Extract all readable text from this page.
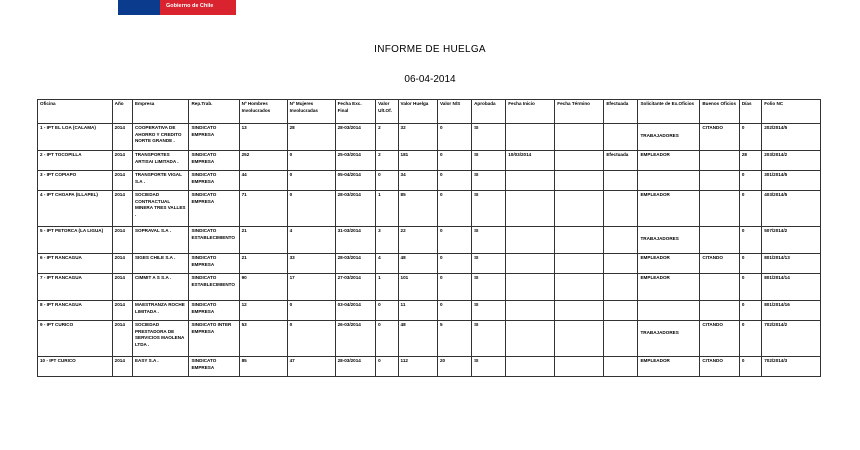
Gobierno de Chile
INFORME DE HUELGA
06-04-2014
Oficina	Año	Empresa	Rep.Trab.	Nº Hombres Involucrados	Nº Mujeres Involucradas	Fecha Exc. Final	Valor Ult.Of.	Valor Huelga	Valor N/S	Aprobada	Fecha Inicio	Fecha Término	Efectuada	Solicitante de Ex.Oficios	Buenos Oficios	Días	Folio NC
1 - IPT EL LOA (CALAMA)	2014	COOPERATIVA DE AHORRO Y CREDITO NORTE GRANDE .	SINDICATO EMPRESA	13	28	28-03/2014	2	32	0	SI				TRABAJADORES	CITANDO	0	202/2014/5
2 - IPT TOCOPILLA	2014	TRANSPORTES ARTISAI LIMITADA .	SINDICATO EMPRESA	252	0	25-03/2014	2	181	0	SI	10/03/2014		Efectuada	EMPLEADOR		28	203/2014/2
3 - IPT COPIAPO	2014	TRANSPORTE VIGAL S.A .	SINDICATO EMPRESA	44	0	05-04/2014	0	34	0	SI						0	301/2014/5
4 - IPT CHOAPA (ILLAPEL)	2014	SOCIEDAD CONTRACTUAL MINERA TRES VALLES .	SINDICATO EMPRESA	71	0	28-03/2014	1	85	0	SI				EMPLEADOR		0	403/2014/5
5 - IPT PETORCA (LA LIGUA)	2014	SOPRAVAL S.A .	SINDICATO ESTABLECIMIENTO	21	4	31-03/2014	3	22	0	SI				TRABAJADORES		0	507/2014/2
6 - IPT RANCAGUA	2014	SIGES CHILE S.A .	SINDICATO EMPRESA	21	33	28-03/2014	4	48	0	SI				EMPLEADOR	CITANDO	0	801/2014/13
7 - IPT RANCAGUA	2014	CIMMIT A S S.A .	SINDICATO ESTABLECIMIENTO	90	17	27-03/2014	1	101	0	SI				EMPLEADOR		0	801/2014/14
8 - IPT RANCAGUA	2014	MAESTRANZA ROCHE LIMITADA .	SINDICATO EMPRESA	12	0	03-04/2014	0	11	0	SI						0	801/2014/16
9 - IPT CURICO	2014	SOCIEDAD PRESTADORA DE SERVICIOS MAOLENA LTDA .	SINDICATO INTER EMPRESA	53	0	26-03/2014	0	48	5	SI				TRABAJADORES	CITANDO	0	702/2014/2
10 - IPT CURICO	2014	EASY S.A .	SINDICATO EMPRESA	85	47	28-03/2014	0	112	20	SI				EMPLEADOR	CITANDO	0	702/2014/3
